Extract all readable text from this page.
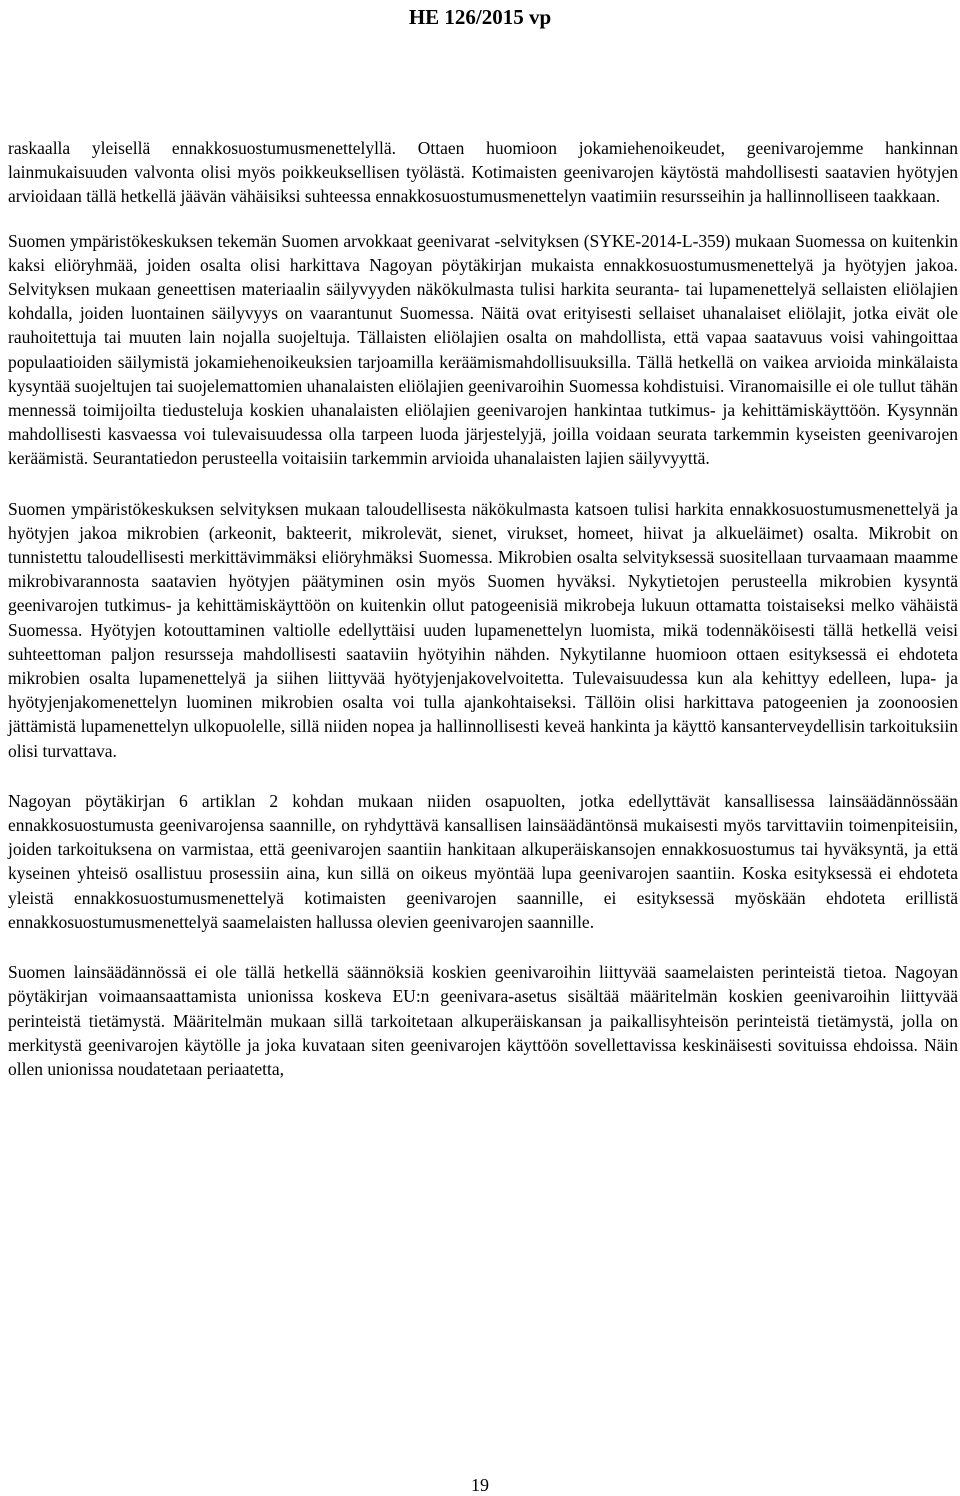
HE 126/2015 vp

raskaalla yleisellä ennakkosuostumusmenettelyllä. Ottaen huomioon jokamiehenoikeudet, geenivarojemme hankinnan lainmukaisuuden valvonta olisi myös poikkeuksellisen työlästä. Kotimaisten geenivarojen käytöstä mahdollisesti saatavien hyötyjen arvioidaan tällä hetkellä jäävän vähäisiksi suhteessa ennakkosuostumusmenettelyn vaatimiin resursseihin ja hallinnolliseen taakkaan.

Suomen ympäristökeskuksen tekemän Suomen arvokkaat geenivarat -selvityksen (SYKE-2014-L-359) mukaan Suomessa on kuitenkin kaksi eliöryhmää, joiden osalta olisi harkittava Nagoyan pöytäkirjan mukaista ennakkosuostumusmenettelyä ja hyötyjen jakoa. Selvityksen mukaan geneettisen materiaalin säilyvyyden näkökulmasta tulisi harkita seuranta- tai lupamenettelyä sellaisten eliölajien kohdalla, joiden luontainen säilyvyys on vaarantunut Suomessa. Näitä ovat erityisesti sellaiset uhanalaiset eliölajit, jotka eivät ole rauhoitettuja tai muuten lain nojalla suojeltuja. Tällaisten eliölajien osalta on mahdollista, että vapaa saatavuus voisi vahingoittaa populaatioiden säilymistä jokamiehenoikeuksien tarjoamilla keräämismahdollisuuksilla. Tällä hetkellä on vaikea arvioida minkälaista kysyntää suojeltujen tai suojelemattomien uhanalaisten eliölajien geenivaroihin Suomessa kohdistuisi. Viranomaisille ei ole tullut tähän mennessä toimijoilta tiedusteluja koskien uhanalaisten eliölajien geenivarojen hankintaa tutkimus- ja kehittämiskäyttöön. Kysynnän mahdollisesti kasvaessa voi tulevaisuudessa olla tarpeen luoda järjestelyjä, joilla voidaan seurata tarkemmin kyseisten geenivarojen keräämistä. Seurantatiedon perusteella voitaisiin tarkemmin arvioida uhanalaisten lajien säilyvyyttä.

Suomen ympäristökeskuksen selvityksen mukaan taloudellisesta näkökulmasta katsoen tulisi harkita ennakkosuostumusmenettelyä ja hyötyjen jakoa mikrobien (arkeonit, bakteerit, mikrolevät, sienet, virukset, homeet, hiivat ja alkueläimet) osalta. Mikrobit on tunnistettu taloudellisesti merkittävimmäksi eliöryhmäksi Suomessa. Mikrobien osalta selvityksessä suositellaan turvaamaan maamme mikrobivarannosta saatavien hyötyjen päätyminen osin myös Suomen hyväksi. Nykytietojen perusteella mikrobien kysyntä geenivarojen tutkimus- ja kehittämiskäyttöön on kuitenkin ollut patogeenisiä mikrobeja lukuun ottamatta toistaiseksi melko vähäistä Suomessa. Hyötyjen kotouttaminen valtiolle edellyttäisi uuden lupamenettelyn luomista, mikä todennäköisesti tällä hetkellä veisi suhteettoman paljon resursseja mahdollisesti saataviin hyötyihin nähden. Nykytilanne huomioon ottaen esityksessä ei ehdoteta mikrobien osalta lupamenettelyä ja siihen liittyvää hyötyjenjakovelvoitetta. Tulevaisuudessa kun ala kehittyy edelleen, lupa- ja hyötyjenjakomenettelyn luominen mikrobien osalta voi tulla ajankohtaiseksi. Tällöin olisi harkittava patogeenien ja zoonoosien jättämistä lupamenettelyn ulkopuolelle, sillä niiden nopea ja hallinnollisesti keveä hankinta ja käyttö kansanterveydellisin tarkoituksiin olisi turvattava.

Nagoyan pöytäkirjan 6 artiklan 2 kohdan mukaan niiden osapuolten, jotka edellyttävät kansallisessa lainsäädännössään ennakkosuostumusta geenivarojensa saannille, on ryhdyttävä kansallisen lainsäädäntönsä mukaisesti myös tarvittaviin toimenpiteisiin, joiden tarkoituksena on varmistaa, että geenivarojen saantiin hankitaan alkuperäiskansojen ennakkosuostumus tai hyväksyntä, ja että kyseinen yhteisö osallistuu prosessiin aina, kun sillä on oikeus myöntää lupa geenivarojen saantiin. Koska esityksessä ei ehdoteta yleistä ennakkosuostumusmenettelyä kotimaisten geenivarojen saannille, ei esityksessä myöskään ehdoteta erillistä ennakkosuostumusmenettelyä saamelaisten hallussa olevien geenivarojen saannille.

Suomen lainsäädännössä ei ole tällä hetkellä säännöksiä koskien geenivaroihin liittyvää saamelaisten perinteistä tietoa. Nagoyan pöytäkirjan voimaansaattamista unionissa koskeva EU:n geenivara-asetus sisältää määritelmän koskien geenivaroihin liittyvää perinteistä tietämystä. Määritelmän mukaan sillä tarkoitetaan alkuperäiskansan ja paikallisyhteisön perinteistä tietämystä, jolla on merkitystä geenivarojen käytölle ja joka kuvataan siten geenivarojen käyttöön sovellettavissa keskinäisesti sovituissa ehdoissa. Näin ollen unionissa noudatetaan periaatetta,

19
